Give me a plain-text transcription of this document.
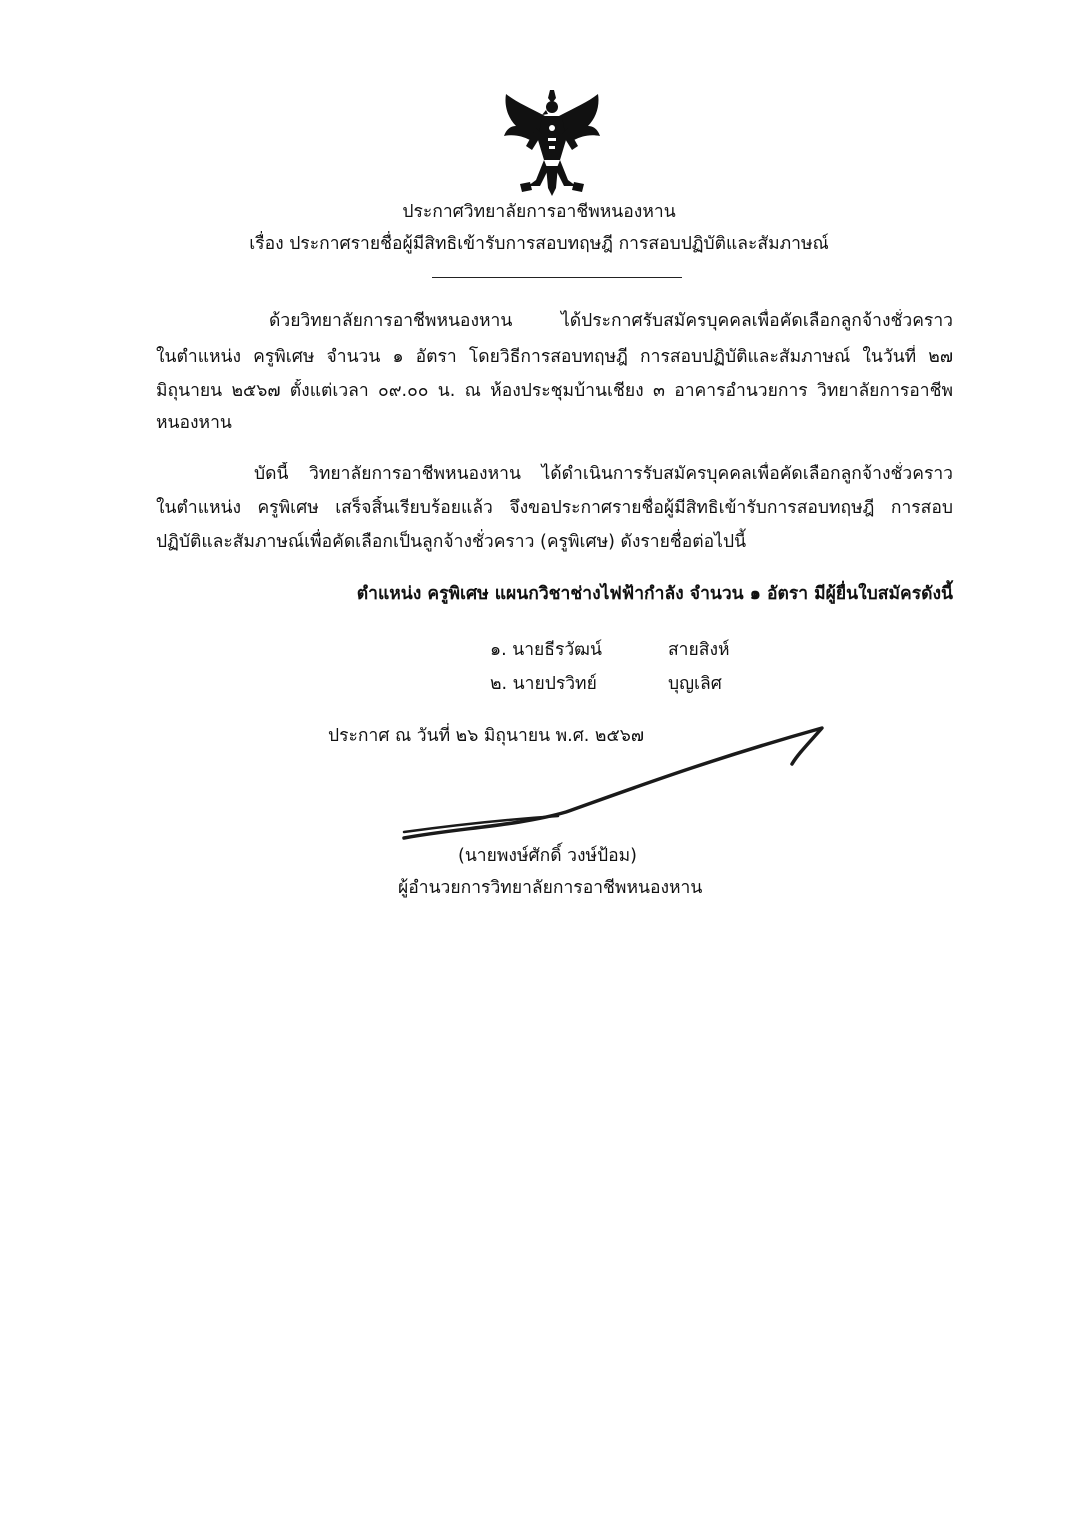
ประกาศวิทยาลัยการอาชีพหนองหาน
เรื่อง ประกาศรายชื่อผู้มีสิทธิเข้ารับการสอบทฤษฎี การสอบปฏิบัติและสัมภาษณ์
ด้วยวิทยาลัยการอาชีพหนองหาน ได้ประกาศรับสมัครบุคคลเพื่อคัดเลือกลูกจ้างชั่วคราว
ในตำแหน่ง ครูพิเศษ จำนวน ๑ อัตรา โดยวิธีการสอบทฤษฎี การสอบปฏิบัติและสัมภาษณ์ ในวันที่ ๒๗
มิถุนายน ๒๕๖๗ ตั้งแต่เวลา ๐๙.๐๐ น. ณ ห้องประชุมบ้านเชียง ๓ อาคารอำนวยการ วิทยาลัยการอาชีพ
หนองหาน
บัดนี้ วิทยาลัยการอาชีพหนองหาน ได้ดำเนินการรับสมัครบุคคลเพื่อคัดเลือกลูกจ้างชั่วคราว
ในตำแหน่ง ครูพิเศษ เสร็จสิ้นเรียบร้อยแล้ว จึงขอประกาศรายชื่อผู้มีสิทธิเข้ารับการสอบทฤษฎี การสอบ
ปฏิบัติและสัมภาษณ์เพื่อคัดเลือกเป็นลูกจ้างชั่วคราว (ครูพิเศษ) ดังรายชื่อต่อไปนี้
ตำแหน่ง ครูพิเศษ แผนกวิชาช่างไฟฟ้ากำลัง จำนวน ๑ อัตรา มีผู้ยื่นใบสมัครดังนี้
๑. นายธีรวัฒน์	สายสิงห์
๒. นายปรวิทย์	บุญเลิศ
ประกาศ ณ วันที่ ๒๖ มิถุนายน พ.ศ. ๒๕๖๗
(นายพงษ์ศักดิ์ วงษ์ป้อม)
ผู้อำนวยการวิทยาลัยการอาชีพหนองหาน
